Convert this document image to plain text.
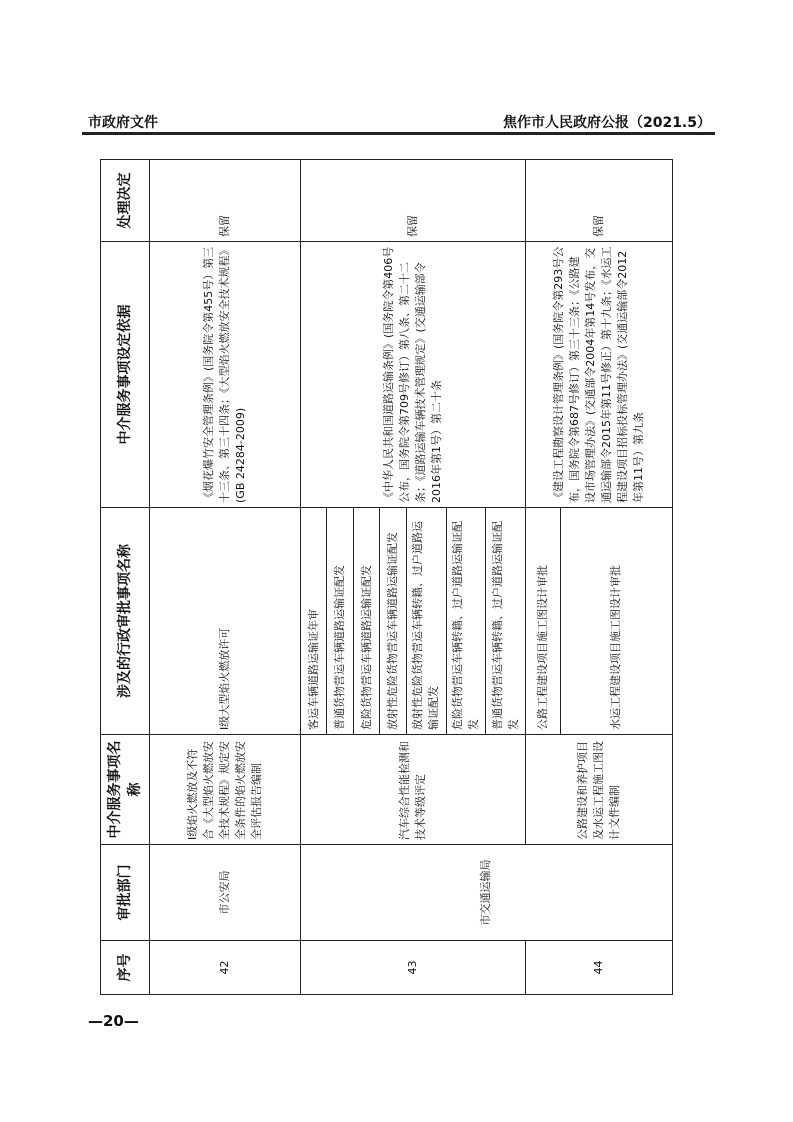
市政府文件	焦作市人民政府公报（2021.5）
序号	审批部门	中介服务事项名称	涉及的行政审批事项名称	中介服务事项设定依据	处理决定
42	市公安局	Ⅰ级焰火燃放及不符合《大型焰火燃放安全技术规程》规定安全条件的焰火燃放安全评估报告编制	Ⅰ级大型焰火燃放许可	《烟花爆竹安全管理条例》(国务院令第455号）第三十三条、第三十四条；《大型焰火燃放安全技术规程》(GB 24284-2009)	保留
43	市交通运输局	汽车综合性能检测和技术等级评定	客运车辆道路运输证年审	《中华人民共和国道路运输条例》(国务院令第406号公布，国务院令第709号修订）第八条、第二十二条；《道路运输车辆技术管理规定》(交通运输部令2016年第1号）第二十条	保留
			普通货物营运车辆道路运输证配发		
			危险货物营运车辆道路运输证配发		
			放射性危险货物营运车辆道路运输证配发		
			放射性危险货物营运车辆转籍、过户道路运输证配发		
			危险货物营运车辆转籍、过户道路运输证配发		
			普通货物营运车辆转籍、过户道路运输证配发		
44		公路建设和养护项目及水运工程施工图设计文件编制	公路工程建设项目施工图设计审批	《建设工程勘察设计管理条例》(国务院令第293号公布，国务院令第687号修订）第三十三条；《公路建设市场管理办法》(交通部令2004年第14号发布，交通运输部令2015年第11号修正）第十九条；《水运工程建设项目招标投标管理办法》(交通运输部令2012年第11号）第九条	保留
			水运工程建设项目施工图设计审批		
—20—
